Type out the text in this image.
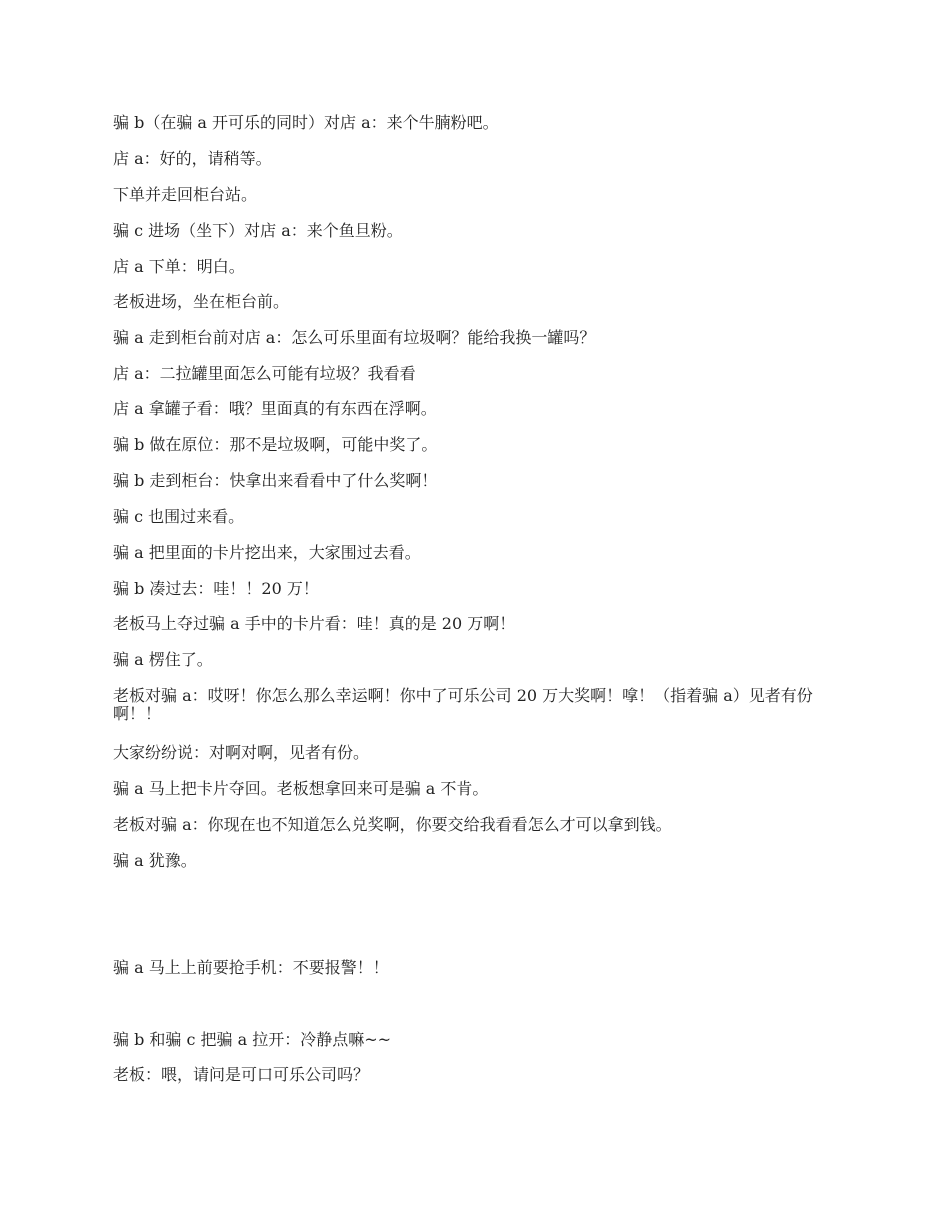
骗 b（在骗 a 开可乐的同时）对店 a：来个牛腩粉吧。
店 a：好的，请稍等。
下单并走回柜台站。
骗 c 进场（坐下）对店 a：来个鱼旦粉。
店 a 下单：明白。
老板进场，坐在柜台前。
骗 a 走到柜台前对店 a：怎么可乐里面有垃圾啊？能给我换一罐吗？
店 a：二拉罐里面怎么可能有垃圾？我看看
店 a 拿罐子看：哦？里面真的有东西在浮啊。
骗 b 做在原位：那不是垃圾啊，可能中奖了。
骗 b 走到柜台：快拿出来看看中了什么奖啊！
骗 c 也围过来看。
骗 a 把里面的卡片挖出来，大家围过去看。
骗 b 凑过去：哇！！20 万！
老板马上夺过骗 a 手中的卡片看：哇！真的是 20 万啊！
骗 a 楞住了。
老板对骗 a：哎呀！你怎么那么幸运啊！你中了可乐公司 20 万大奖啊！嗱！（指着骗 a）见者有份啊！！
大家纷纷说：对啊对啊，见者有份。
骗 a 马上把卡片夺回。老板想拿回来可是骗 a 不肯。
老板对骗 a：你现在也不知道怎么兑奖啊，你要交给我看看怎么才可以拿到钱。
骗 a 犹豫。
骗 a 马上上前要抢手机：不要报警！！
骗 b 和骗 c 把骗 a 拉开：冷静点嘛~~
老板：喂，请问是可口可乐公司吗？
